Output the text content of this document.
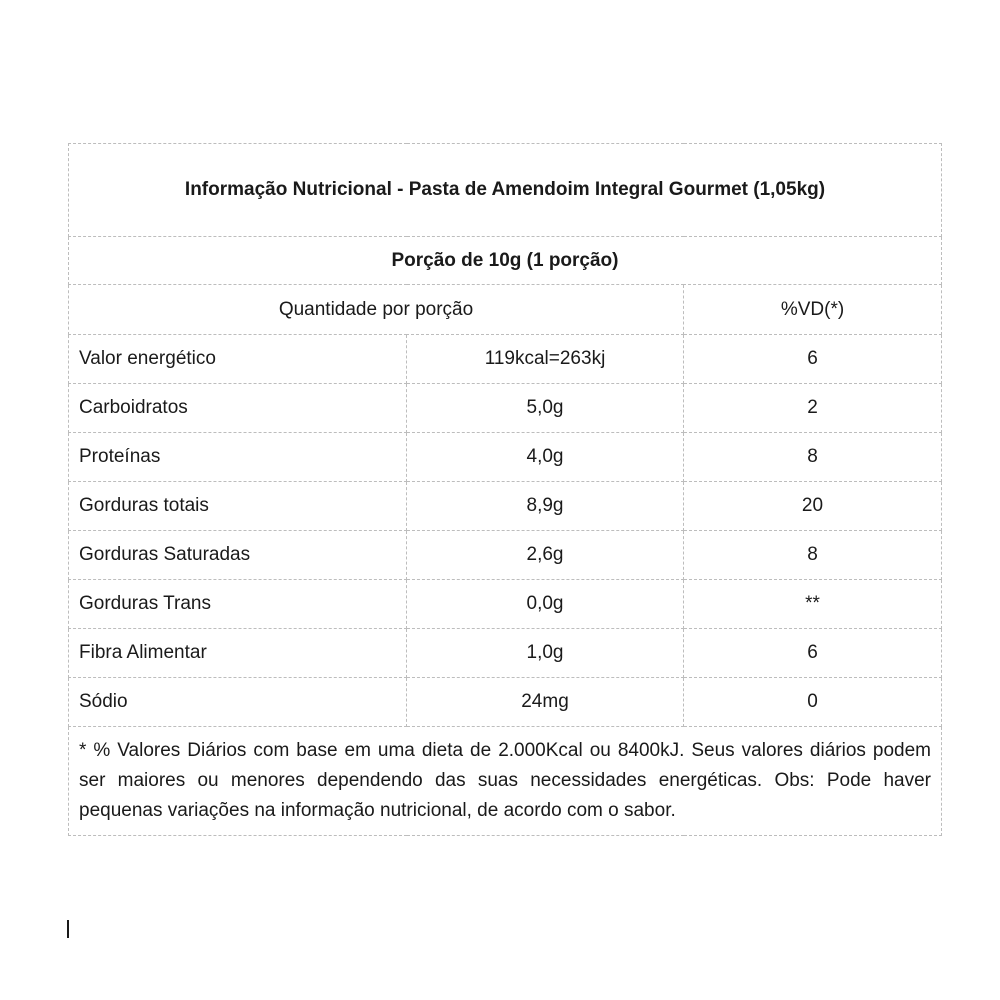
Informação Nutricional - Pasta de Amendoim Integral Gourmet (1,05kg)		
Porção de 10g (1 porção)		
Quantidade por porção		%VD(*)
Valor energético	119kcal=263kj	6
Carboidratos	5,0g	2
Proteínas	4,0g	8
Gorduras totais	8,9g	20
Gorduras Saturadas	2,6g	8
Gorduras Trans	0,0g	**
Fibra Alimentar	1,0g	6
Sódio	24mg	0
* % Valores Diários com base em uma dieta de 2.000Kcal ou 8400kJ. Seus valores diários podem ser maiores ou menores dependendo das suas necessidades energéticas. Obs: Pode haver pequenas variações na informação nutricional, de acordo com o sabor.		
